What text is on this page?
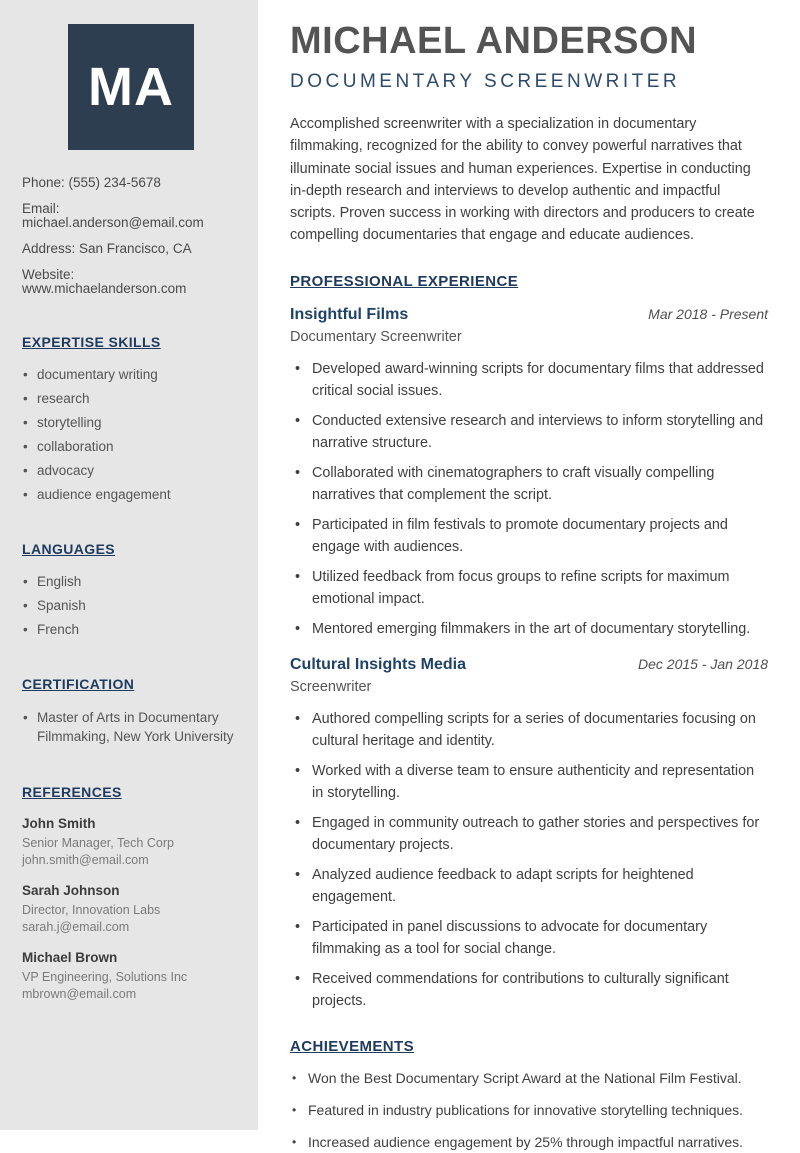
MA
Phone: (555) 234-5678
Email: michael.anderson@email.com
Address: San Francisco, CA
Website: www.michaelanderson.com
EXPERTISE SKILLS
• documentary writing
• research
• storytelling
• collaboration
• advocacy
• audience engagement
LANGUAGES
• English
• Spanish
• French
CERTIFICATION
• Master of Arts in Documentary Filmmaking, New York University
REFERENCES
John Smith
Senior Manager, Tech Corp
john.smith@email.com
Sarah Johnson
Director, Innovation Labs
sarah.j@email.com
Michael Brown
VP Engineering, Solutions Inc
mbrown@email.com
MICHAEL ANDERSON
DOCUMENTARY SCREENWRITER

Accomplished screenwriter with a specialization in documentary filmmaking, recognized for the ability to convey powerful narratives that illuminate social issues and human experiences. Expertise in conducting in-depth research and interviews to develop authentic and impactful scripts. Proven success in working with directors and producers to create compelling documentaries that engage and educate audiences.

PROFESSIONAL EXPERIENCE
Insightful Films	Mar 2018 - Present
Documentary Screenwriter
• Developed award-winning scripts for documentary films that addressed critical social issues.
• Conducted extensive research and interviews to inform storytelling and narrative structure.
• Collaborated with cinematographers to craft visually compelling narratives that complement the script.
• Participated in film festivals to promote documentary projects and engage with audiences.
• Utilized feedback from focus groups to refine scripts for maximum emotional impact.
• Mentored emerging filmmakers in the art of documentary storytelling.
Cultural Insights Media	Dec 2015 - Jan 2018
Screenwriter
• Authored compelling scripts for a series of documentaries focusing on cultural heritage and identity.
• Worked with a diverse team to ensure authenticity and representation in storytelling.
• Engaged in community outreach to gather stories and perspectives for documentary projects.
• Analyzed audience feedback to adapt scripts for heightened engagement.
• Participated in panel discussions to advocate for documentary filmmaking as a tool for social change.
• Received commendations for contributions to culturally significant projects.
ACHIEVEMENTS
• Won the Best Documentary Script Award at the National Film Festival.
• Featured in industry publications for innovative storytelling techniques.
• Increased audience engagement by 25% through impactful narratives.
